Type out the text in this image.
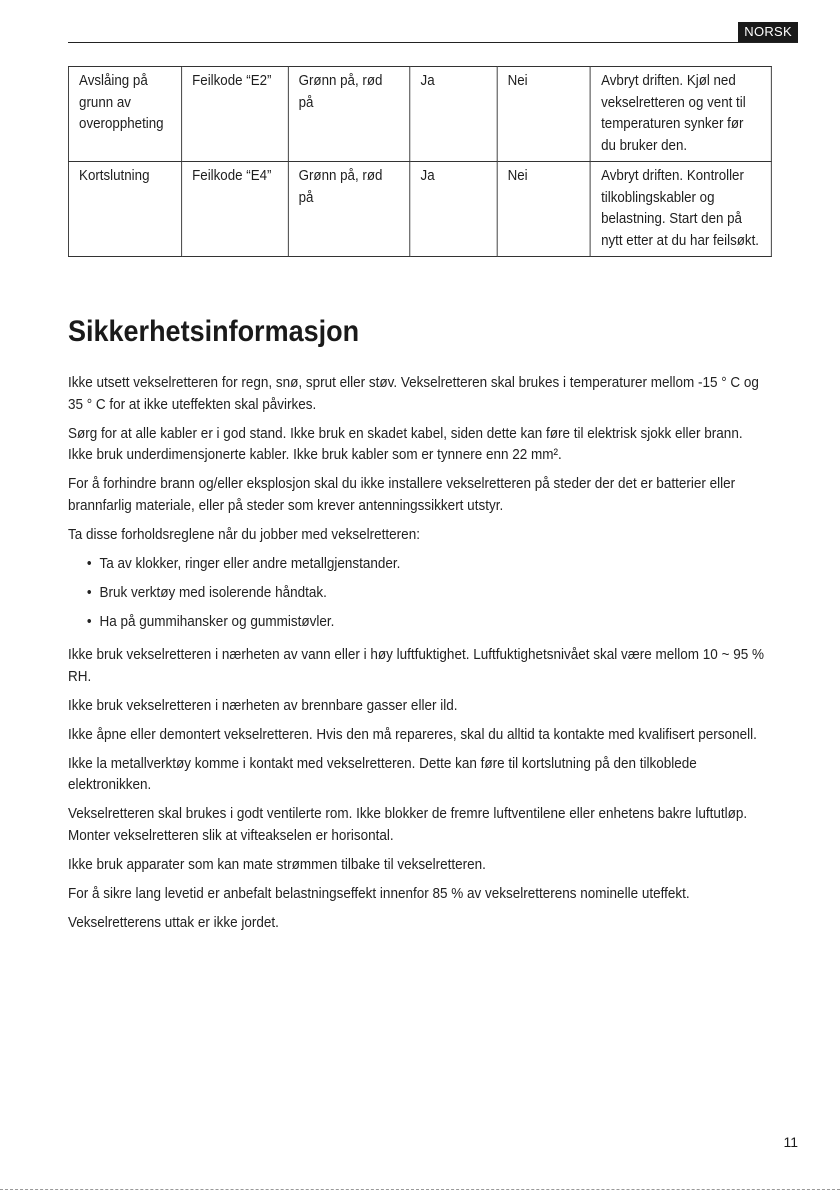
NORSK
Avslåing på grunn av overoppheting	Feilkode “E2”	Grønn på, rød på	Ja	Nei	Avbryt driften. Kjøl ned vekselretteren og vent til temperaturen synker før du bruker den.
Kortslutning	Feilkode “E4”	Grønn på, rød på	Ja	Nei	Avbryt driften. Kontroller tilkoblingskabler og belastning. Start den på nytt etter at du har feilsøkt.
Sikkerhetsinformasjon

Ikke utsett vekselretteren for regn, snø, sprut eller støv. Vekselretteren skal brukes i temperaturer mellom -15 ° C og 35 ° C for at ikke uteffekten skal påvirkes.

Sørg for at alle kabler er i god stand. Ikke bruk en skadet kabel, siden dette kan føre til elektrisk sjokk eller brann. Ikke bruk underdimensjonerte kabler. Ikke bruk kabler som er tynnere enn 22 mm².

For å forhindre brann og/eller eksplosjon skal du ikke installere vekselretteren på steder der det er batterier eller brannfarlig materiale, eller på steder som krever antenningssikkert utstyr.

Ta disse forholdsreglene når du jobber med vekselretteren:

• Ta av klokker, ringer eller andre metallgjenstander.
• Bruk verktøy med isolerende håndtak.
• Ha på gummihansker og gummistøvler.

Ikke bruk vekselretteren i nærheten av vann eller i høy luftfuktighet. Luftfuktighetsnivået skal være mellom 10 ~ 95 % RH.

Ikke bruk vekselretteren i nærheten av brennbare gasser eller ild.

Ikke åpne eller demontert vekselretteren. Hvis den må repareres, skal du alltid ta kontakte med kvalifisert personell.

Ikke la metallverktøy komme i kontakt med vekselretteren. Dette kan føre til kortslutning på den tilkoblede elektronikken.

Vekselretteren skal brukes i godt ventilerte rom. Ikke blokker de fremre luftventilene eller enhetens bakre luftutløp. Monter vekselretteren slik at vifteakselen er horisontal.

Ikke bruk apparater som kan mate strømmen tilbake til vekselretteren.

For å sikre lang levetid er anbefalt belastningseffekt innenfor 85 % av vekselretterens nominelle uteffekt.

Vekselretterens uttak er ikke jordet.

11
